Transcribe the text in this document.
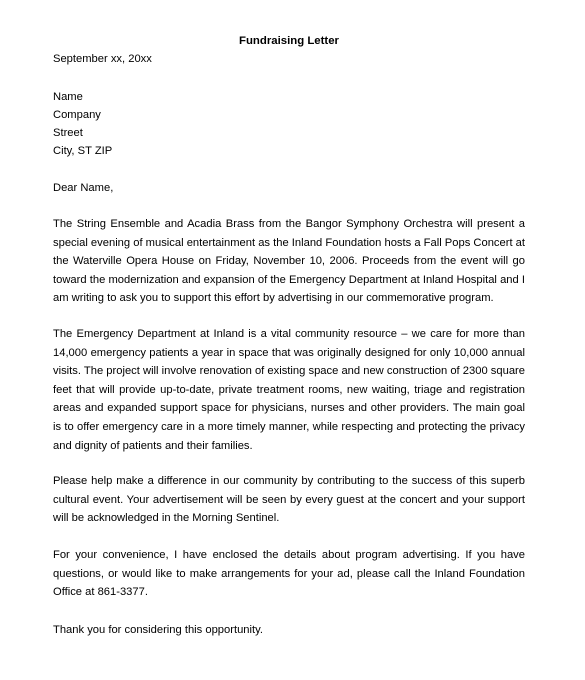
Fundraising Letter
September xx, 20xx
Name
Company
Street
City, ST ZIP
Dear Name,
The String Ensemble and Acadia Brass from the Bangor Symphony Orchestra will present a special evening of musical entertainment as the Inland Foundation hosts a Fall Pops Concert at the Waterville Opera House on Friday, November 10, 2006. Proceeds from the event will go toward the modernization and expansion of the Emergency Department at Inland Hospital and I am writing to ask you to support this effort by advertising in our commemorative program.
The Emergency Department at Inland is a vital community resource – we care for more than 14,000 emergency patients a year in space that was originally designed for only 10,000 annual visits. The project will involve renovation of existing space and new construction of 2300 square feet that will provide up-to-date, private treatment rooms, new waiting, triage and registration areas and expanded support space for physicians, nurses and other providers. The main goal is to offer emergency care in a more timely manner, while respecting and protecting the privacy and dignity of patients and their families.
Please help make a difference in our community by contributing to the success of this superb cultural event. Your advertisement will be seen by every guest at the concert and your support will be acknowledged in the Morning Sentinel.
For your convenience, I have enclosed the details about program advertising. If you have questions, or would like to make arrangements for your ad, please call the Inland Foundation Office at 861-3377.
Thank you for considering this opportunity.
